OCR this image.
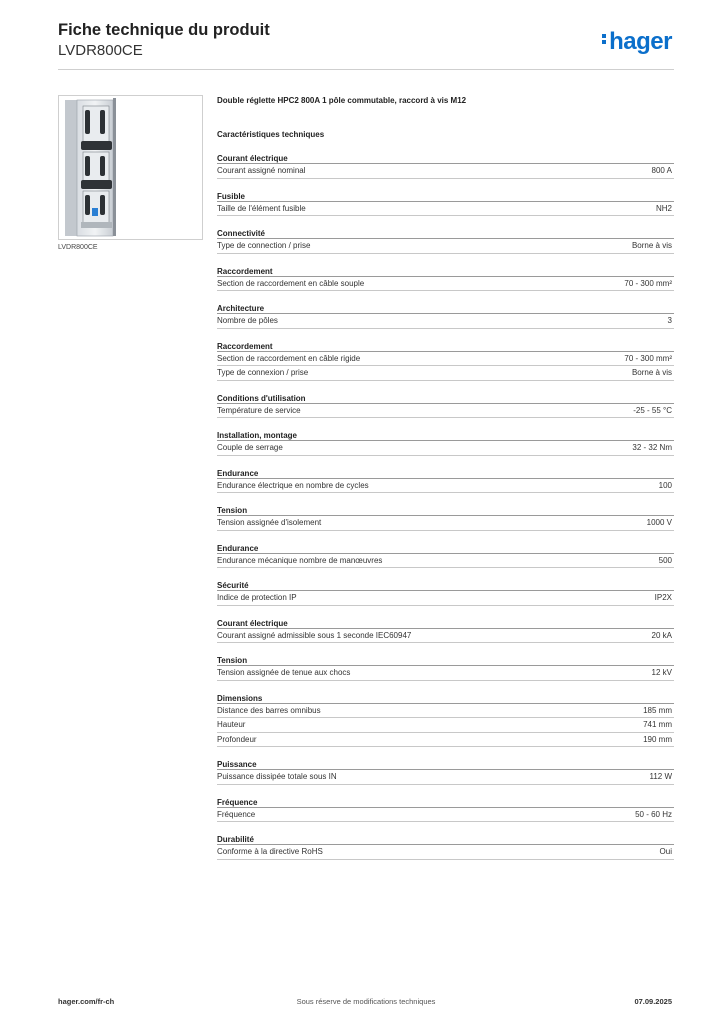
Fiche technique du produit
LVDR800CE	hager
LVDR800CE
Double réglette HPC2 800A 1 pôle commutable, raccord à vis M12
Caractéristiques techniques
Courant électrique
Courant assigné nominal	800 A
Fusible
Taille de l'élément fusible	NH2
Connectivité
Type de connection / prise	Borne à vis
Raccordement
Section de raccordement en câble souple	70 - 300 mm²
Architecture
Nombre de pôles	3
Raccordement
Section de raccordement en câble rigide	70 - 300 mm²
Type de connexion / prise	Borne à vis
Conditions d'utilisation
Température de service	-25 - 55 °C
Installation, montage
Couple de serrage	32 - 32 Nm
Endurance
Endurance électrique en nombre de cycles	100
Tension
Tension assignée d'isolement	1000 V
Endurance
Endurance mécanique nombre de manœuvres	500
Sécurité
Indice de protection IP	IP2X
Courant électrique
Courant assigné admissible sous 1 seconde IEC60947	20 kA
Tension
Tension assignée de tenue aux chocs	12 kV
Dimensions
Distance des barres omnibus	185 mm
Hauteur	741 mm
Profondeur	190 mm
Puissance
Puissance dissipée totale sous IN	112 W
Fréquence
Fréquence	50 - 60 Hz
Durabilité
Conforme à la directive RoHS	Oui
hager.com/fr-ch	Sous réserve de modifications techniques	07.09.2025
